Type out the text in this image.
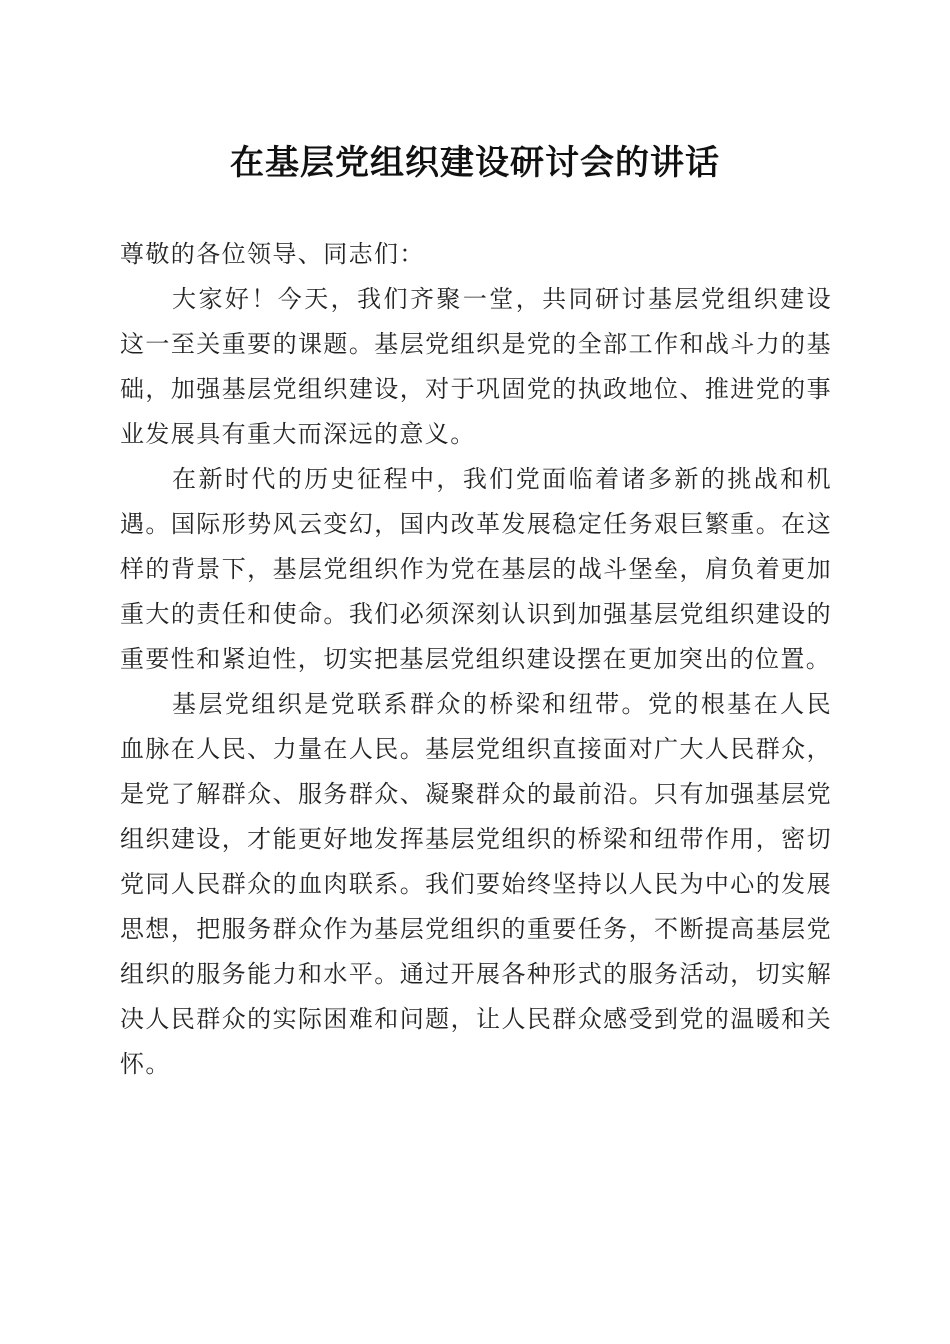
在基层党组织建设研讨会的讲话

尊敬的各位领导、同志们：

大家好！今天，我们齐聚一堂，共同研讨基层党组织建设这一至关重要的课题。基层党组织是党的全部工作和战斗力的基础，加强基层党组织建设，对于巩固党的执政地位、推进党的事业发展具有重大而深远的意义。

在新时代的历史征程中，我们党面临着诸多新的挑战和机遇。国际形势风云变幻，国内改革发展稳定任务艰巨繁重。在这样的背景下，基层党组织作为党在基层的战斗堡垒，肩负着更加重大的责任和使命。我们必须深刻认识到加强基层党组织建设的重要性和紧迫性，切实把基层党组织建设摆在更加突出的位置。

基层党组织是党联系群众的桥梁和纽带。党的根基在人民血脉在人民、力量在人民。基层党组织直接面对广大人民群众，是党了解群众、服务群众、凝聚群众的最前沿。只有加强基层党组织建设，才能更好地发挥基层党组织的桥梁和纽带作用，密切党同人民群众的血肉联系。我们要始终坚持以人民为中心的发展思想，把服务群众作为基层党组织的重要任务，不断提高基层党组织的服务能力和水平。通过开展各种形式的服务活动，切实解决人民群众的实际困难和问题，让人民群众感受到党的温暖和关怀。
